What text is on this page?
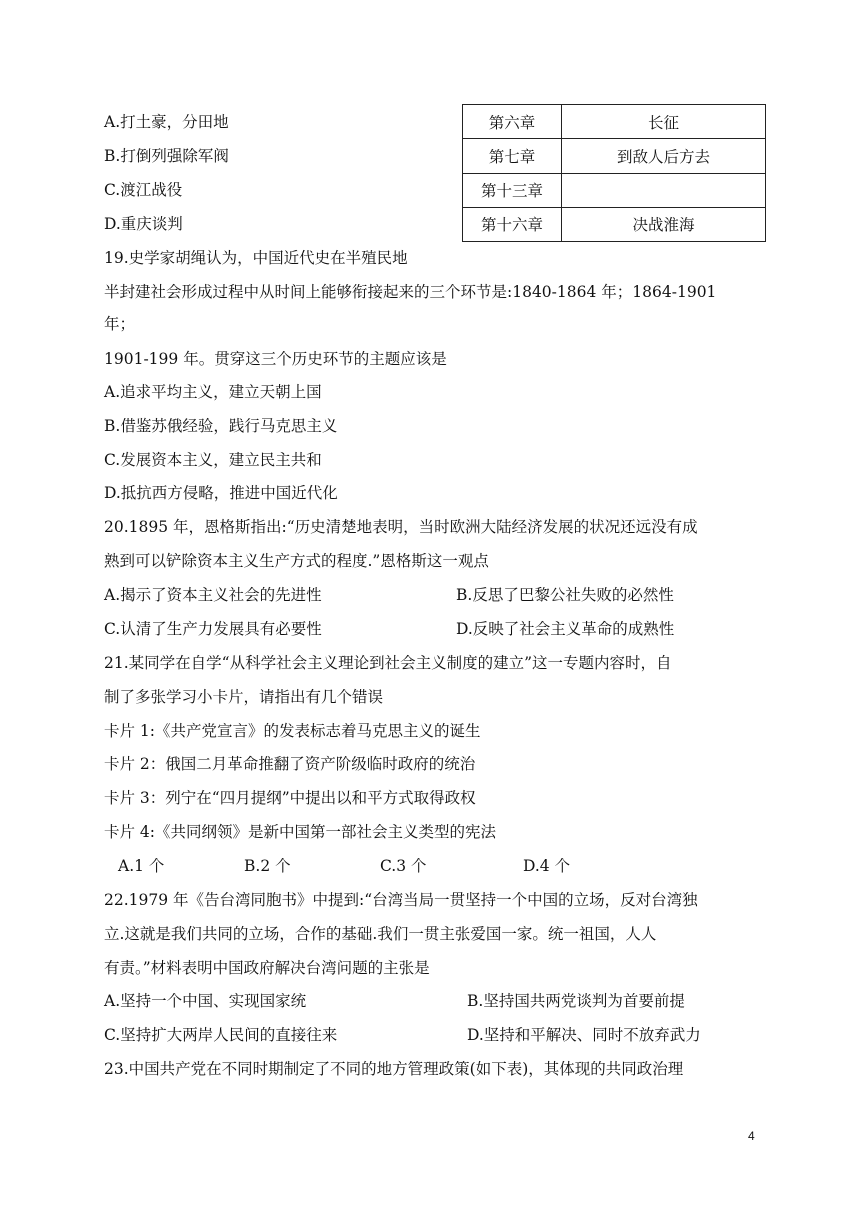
第六章	长征
第七章	到敌人后方去
第十三章	
第十六章	决战淮海
A.打土豪，分田地
B.打倒列强除军阀
C.渡江战役
D.重庆谈判
19.史学家胡绳认为，中国近代史在半殖民地
半封建社会形成过程中从时间上能够衔接起来的三个环节是:1840-1864 年；1864-1901
年；
1901-199 年。贯穿这三个历史环节的主题应该是
A.追求平均主义，建立天朝上国
B.借鉴苏俄经验，践行马克思主义
C.发展资本主义，建立民主共和
D.抵抗西方侵略，推进中国近代化
20.1895 年，恩格斯指出:“历史清楚地表明，当时欧洲大陆经济发展的状况还远没有成
熟到可以铲除资本主义生产方式的程度.”恩格斯这一观点
A.揭示了资本主义社会的先进性	B.反思了巴黎公社失败的必然性
C.认清了生产力发展具有必要性	D.反映了社会主义革命的成熟性
21.某同学在自学“从科学社会主义理论到社会主义制度的建立”这一专题内容时，自
制了多张学习小卡片，请指出有几个错误
卡片 1:《共产党宣言》的发表标志着马克思主义的诞生
卡片 2：俄国二月革命推翻了资产阶级临时政府的统治
卡片 3：列宁在“四月提纲”中提出以和平方式取得政权
卡片 4:《共同纲领》是新中国第一部社会主义类型的宪法
A.1 个	B.2 个	C.3 个	D.4 个
22.1979 年《告台湾同胞书》中提到:“台湾当局一贯坚持一个中国的立场，反对台湾独
立.这就是我们共同的立场，合作的基础.我们一贯主张爱国一家。统一祖国，人人
有责。”材料表明中国政府解决台湾问题的主张是
A.坚持一个中国、实现国家统	B.坚持国共两党谈判为首要前提
C.坚持扩大两岸人民间的直接往来	D.坚持和平解决、同时不放弃武力
23.中国共产党在不同时期制定了不同的地方管理政策(如下表)，其体现的共同政治理
4
